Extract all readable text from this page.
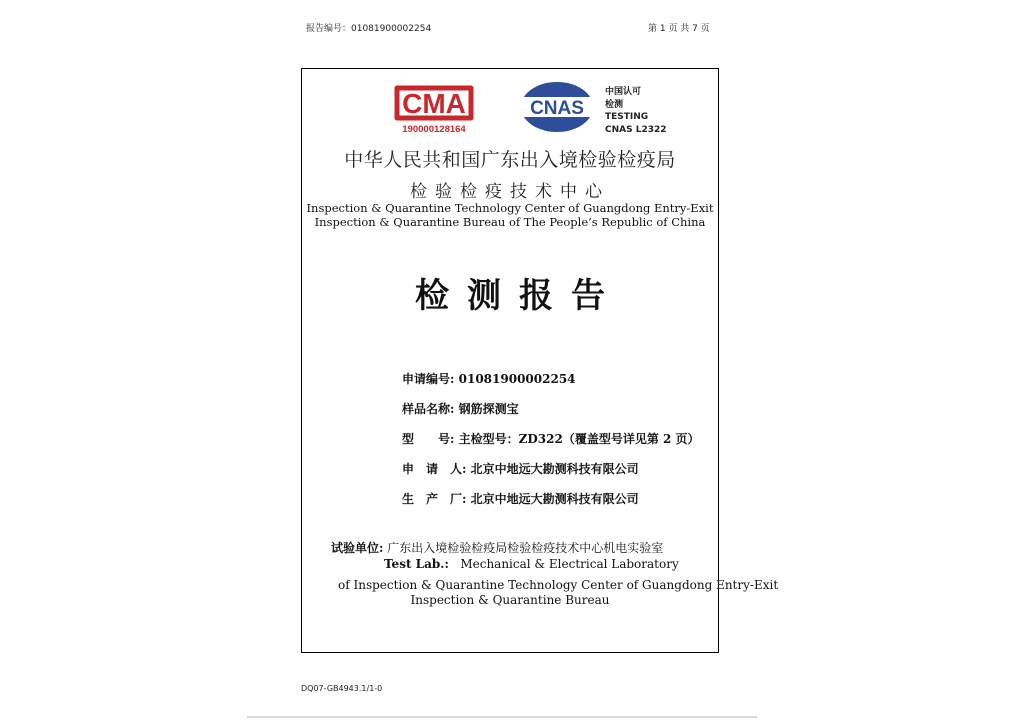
报告编号：01081900002254	第 1 页 共 7 页
CMA
190000128164
CNAS
中国认可
检测
TESTING
CNAS L2322
中华人民共和国广东出入境检验检疫局
检验检疫技术中心
Inspection & Quarantine Technology Center of Guangdong Entry-Exit
Inspection & Quarantine Bureau of The People’s Republic of China
检测报告
申请编号: 01081900002254
样品名称: 钢筋探测宝
型　　号: 主检型号：ZD322（覆盖型号详见第 2 页）
申　请　人: 北京中地远大勘测科技有限公司
生　产　厂: 北京中地远大勘测科技有限公司
试验单位: 广东出入境检验检疫局检验检疫技术中心机电实验室
Test Lab.: Mechanical & Electrical Laboratory
of Inspection & Quarantine Technology Center of Guangdong Entry-Exit
Inspection & Quarantine Bureau
DQ07-GB4943.1/1-0
